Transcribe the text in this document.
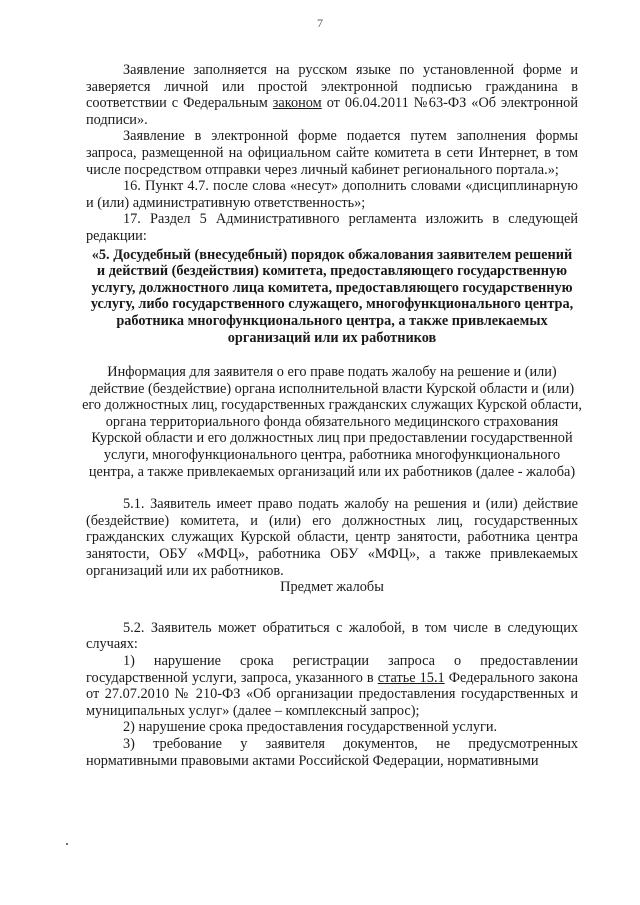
7

Заявление заполняется на русском языке по установленной форме и заверяется личной или простой электронной подписью гражданина в соответствии с Федеральным законом от 06.04.2011 №63-ФЗ «Об электронной подписи».

Заявление в электронной форме подается путем заполнения формы запроса, размещенной на официальном сайте комитета в сети Интернет, в том числе посредством отправки через личный кабинет регионального портала.»;

16. Пункт 4.7. после слова «несут» дополнить словами «дисциплинарную и (или) административную ответственность»;

17. Раздел 5 Административного регламента изложить в следующей редакции:

«5. Досудебный (внесудебный) порядок обжалования заявителем решений и действий (бездействия) комитета, предоставляющего государственную услугу, должностного лица комитета, предоставляющего государственную услугу, либо государственного служащего, многофункционального центра, работника многофункционального центра, а также привлекаемых организаций или их работников

Информация для заявителя о его праве подать жалобу на решение и (или) действие (бездействие) органа исполнительной власти Курской области и (или) его должностных лиц, государственных гражданских служащих Курской области, органа территориального фонда обязательного медицинского страхования Курской области и его должностных лиц при предоставлении государственной услуги, многофункционального центра, работника многофункционального центра, а также привлекаемых организаций или их работников (далее - жалоба)

5.1. Заявитель имеет право подать жалобу на решения и (или) действие (бездействие) комитета, и (или) его должностных лиц, государственных гражданских служащих Курской области, центр занятости, работника центра занятости, ОБУ «МФЦ», работника ОБУ «МФЦ», а также привлекаемых организаций или их работников.

Предмет жалобы

5.2. Заявитель может обратиться с жалобой, в том числе в следующих случаях:

1) нарушение срока регистрации запроса о предоставлении государственной услуги, запроса, указанного в статье 15.1 Федерального закона от 27.07.2010 № 210-ФЗ «Об организации предоставления государственных и муниципальных услуг» (далее – комплексный запрос);

2) нарушение срока предоставления государственной услуги.

3) требование у заявителя документов, не предусмотренных нормативными правовыми актами Российской Федерации, нормативными
